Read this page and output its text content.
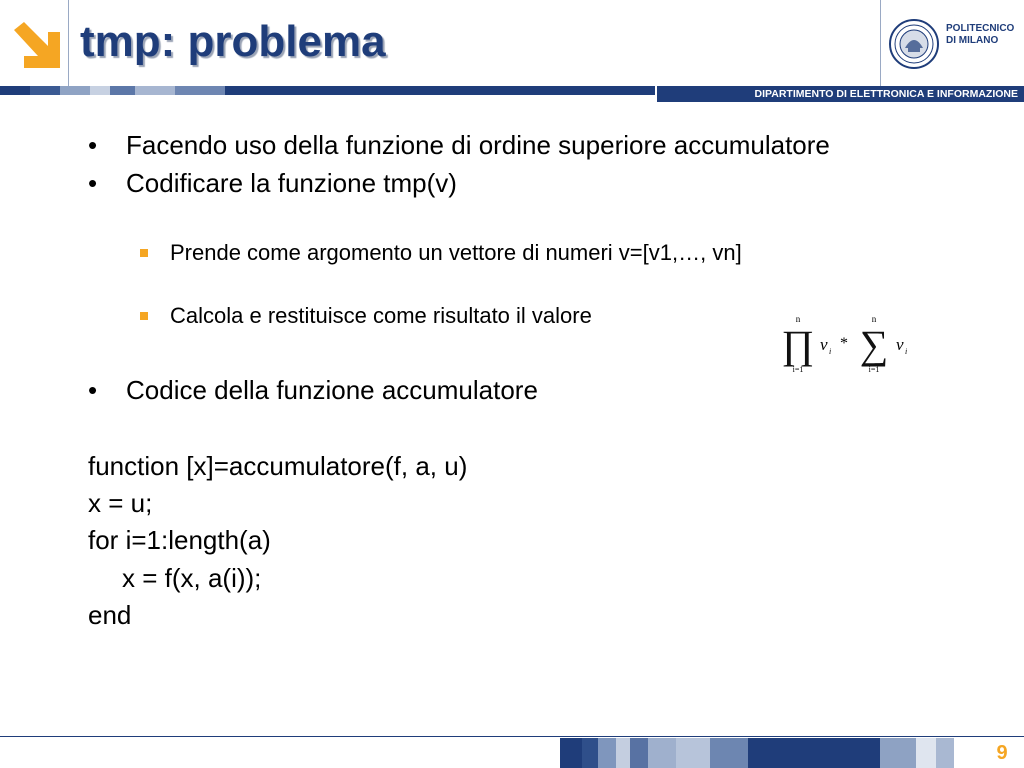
tmp: problema	POLITECNICO
DI MILANO
DIPARTIMENTO DI ELETTRONICA E INFORMAZIONE
• Facendo uso della funzione di ordine superiore accumulatore
• Codificare la funzione tmp(v)
Prende come argomento un vettore di numeri v=[v1,…, vn]
Calcola e restituisce come risultato il valore	n
∏
i=1
v i *
n
∑
i=1
v i
• Codice della funzione accumulatore
function [x]=accumulatore(f, a, u)
x = u;
for i=1:length(a)
x = f(x, a(i));
end
9
